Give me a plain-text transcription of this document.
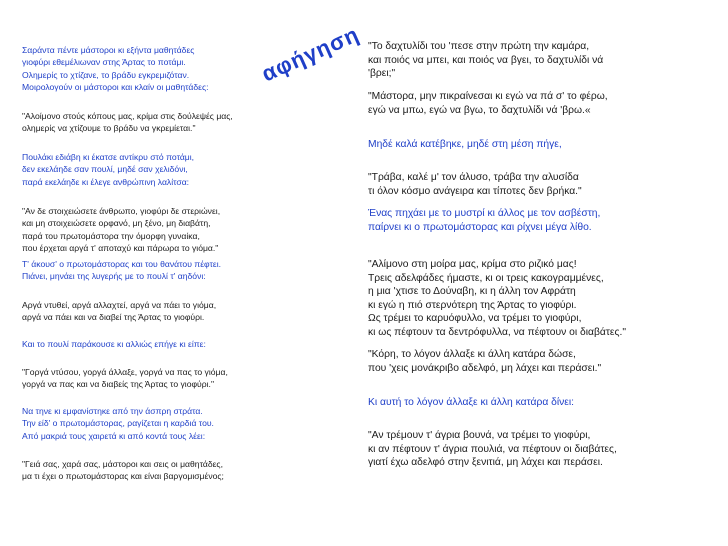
αφήγηση

Σαράντα πέντε μάστοροι κι εξήντα μαθητάδες
γιοφύρι εθεμέλιωναν στης Άρτας το ποτάμι.
Ολημερίς το χτίζανε, το βράδυ εγκρεμιζόταν.
Μοιρολογούν οι μάστοροι και κλαίν οι μαθητάδες:

"Αλοίμονο στούς κόπους μας, κρίμα στις δούλεψές μας,
ολημερίς να χτίζουμε το βράδυ να γκρεμίεται."

Πουλάκι εδιάβη κι έκατσε αντίκρυ στό ποτάμι,
δεν εκελάηδε σαν πουλί, μηδέ σαν χελιδόνι,
παρά εκελάηδε κι έλεγε ανθρώπινη λαλίτσα:

"Αν δε στοιχειώσετε άνθρωπο, γιοφύρι δε στεριώνει,
και μη στοιχειώσετε ορφανό, μη ξένο, μη διαβάτη,
παρά του πρωτομάστορα την όμορφη γυναίκα,
που έρχεται αργά τ' αποταχύ και πάρωρα το γιόμα."

Τ' άκουσ' ο πρωτομάστορας και του θανάτου πέφτει.
Πιάνει, μηνάει της λυγερής με το πουλί τ' αηδόνι:

Αργά ντυθεί, αργά αλλαχτεί, αργά να πάει το γιόμα,
αργά να πάει και να διαβεί της Άρτας το γιοφύρι.

Και το πουλί παράκουσε κι αλλιώς επήγε κι είπε:

"Γοργά ντύσου, γοργά άλλαξε, γοργά να πας το γιόμα,
γοργά να πας και να διαβείς της Άρτας το γιοφύρι."

Να τηνε κι εμφανίστηκε από την άσπρη στράτα.
Την είδ' ο πρωτομάστορας, ραγίζεται η καρδιά του.
Από μακριά τους χαιρετά κι από κοντά τους λέει:

"Γειά σας, χαρά σας, μάστοροι και σεις οι μαθητάδες,
μα τι έχει ο πρωτομάστορας και είναι βαργομισμένος;

"Το δαχτυλίδι του 'πεσε στην πρώτη την καμάρα,
και ποιός να μπει, και ποιός να βγει, το δαχτυλίδι νά
'βρει;"

"Μάστορα, μην πικραίνεσαι κι εγώ να πά σ' το φέρω,
εγώ να μπω, εγώ να βγω, το δαχτυλίδι νά 'βρω.«

Μηδέ καλά κατέβηκε, μηδέ στη μέση πήγε,

"Τράβα, καλέ μ' τον άλυσο, τράβα την αλυσίδα
τι όλον κόσμο ανάγειρα και τίποτες δεν βρήκα."

Ένας πηχάει με το μυστρί κι άλλος με τον ασβέστη,
παίρνει κι ο πρωτομάστορας και ρίχνει μέγα λίθο.

"Αλίμονο στη μοίρα μας, κρίμα στο ριζικό μας!
Τρεις αδελφάδες ήμαστε, κι οι τρεις κακογραμμένες,
η μια 'χτισε το Δούναβη, κι η άλλη τον Αφράτη
κι εγώ η πιό στερνότερη της Άρτας το γιοφύρι.
Ως τρέμει το καρυόφυλλο, να τρέμει το γιοφύρι,
κι ως πέφτουν τα δεντρόφυλλα, να πέφτουν οι διαβάτες."

"Κόρη, το λόγον άλλαξε κι άλλη κατάρα δώσε,
που 'χεις μονάκριβο αδελφό, μη λάχει και περάσει."

Κι αυτή το λόγον άλλαξε κι άλλη κατάρα δίνει:

"Αν τρέμουν τ' άγρια βουνά, να τρέμει το γιοφύρι,
κι αν πέφτουν τ' άγρια πουλιά, να πέφτουν οι διαβάτες,
γιατί έχω αδελφό στην ξενιτιά, μη λάχει και περάσει.
